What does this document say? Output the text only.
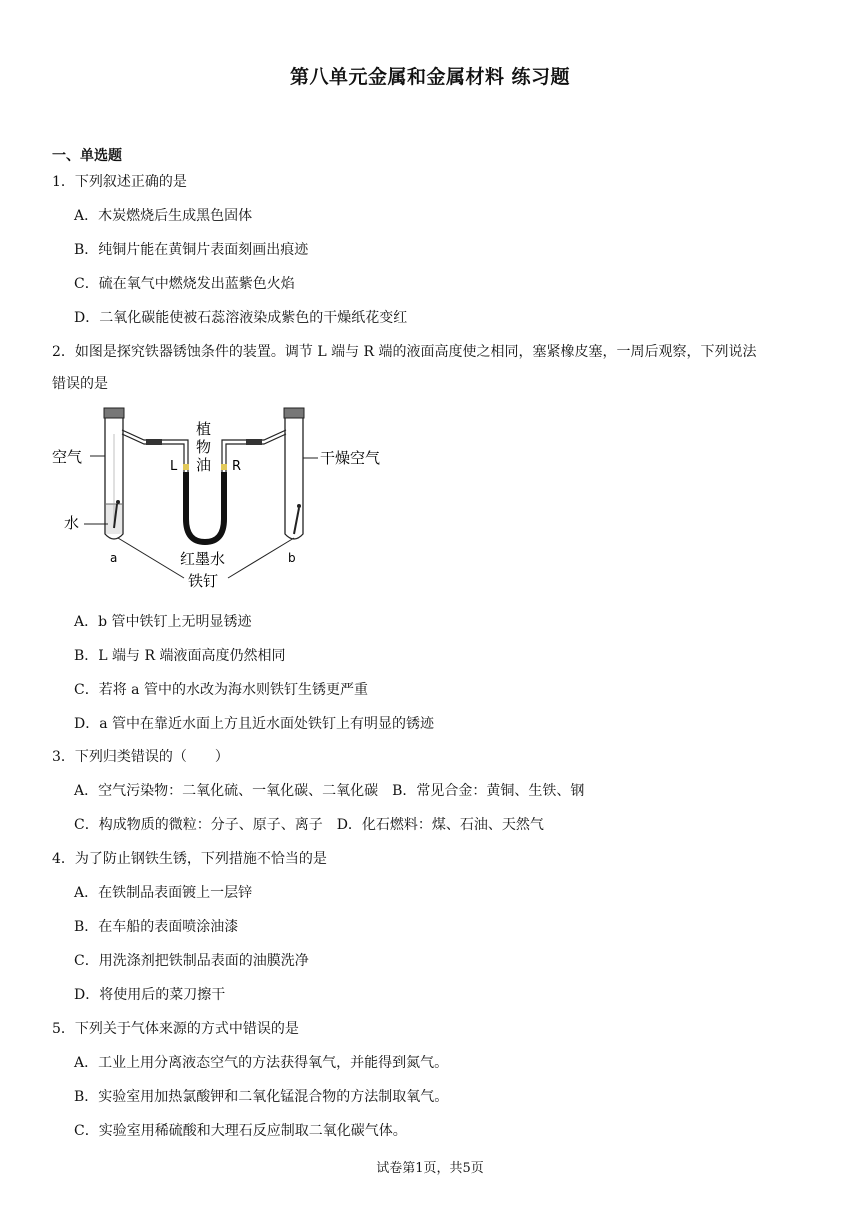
第八单元金属和金属材料 练习题
一、单选题
1．下列叙述正确的是
A．木炭燃烧后生成黑色固体
B．纯铜片能在黄铜片表面刻画出痕迹
C．硫在氧气中燃烧发出蓝紫色火焰
D．二氧化碳能使被石蕊溶液染成紫色的干燥纸花变红
2．如图是探究铁器锈蚀条件的装置。调节 L 端与 R 端的液面高度使之相同，塞紧橡皮塞，一周后观察，下列说法
错误的是
空气
水
植
物
油
L	R	干燥空气
红墨水
铁钉
a	b
A．b 管中铁钉上无明显锈迹
B．L 端与 R 端液面高度仍然相同
C．若将 a 管中的水改为海水则铁钉生锈更严重
D．a 管中在靠近水面上方且近水面处铁钉上有明显的锈迹
3．下列归类错误的（　　）
A．空气污染物：二氧化硫、一氧化碳、二氧化碳　B．常见合金：黄铜、生铁、钢
C．构成物质的微粒：分子、原子、离子　D．化石燃料：煤、石油、天然气
4．为了防止钢铁生锈，下列措施不恰当的是
A．在铁制品表面镀上一层锌
B．在车船的表面喷涂油漆
C．用洗涤剂把铁制品表面的油膜洗净
D．将使用后的菜刀擦干
5．下列关于气体来源的方式中错误的是
A．工业上用分离液态空气的方法获得氧气，并能得到氮气。
B．实验室用加热氯酸钾和二氧化锰混合物的方法制取氧气。
C．实验室用稀硫酸和大理石反应制取二氧化碳气体。
试卷第1页，共5页
